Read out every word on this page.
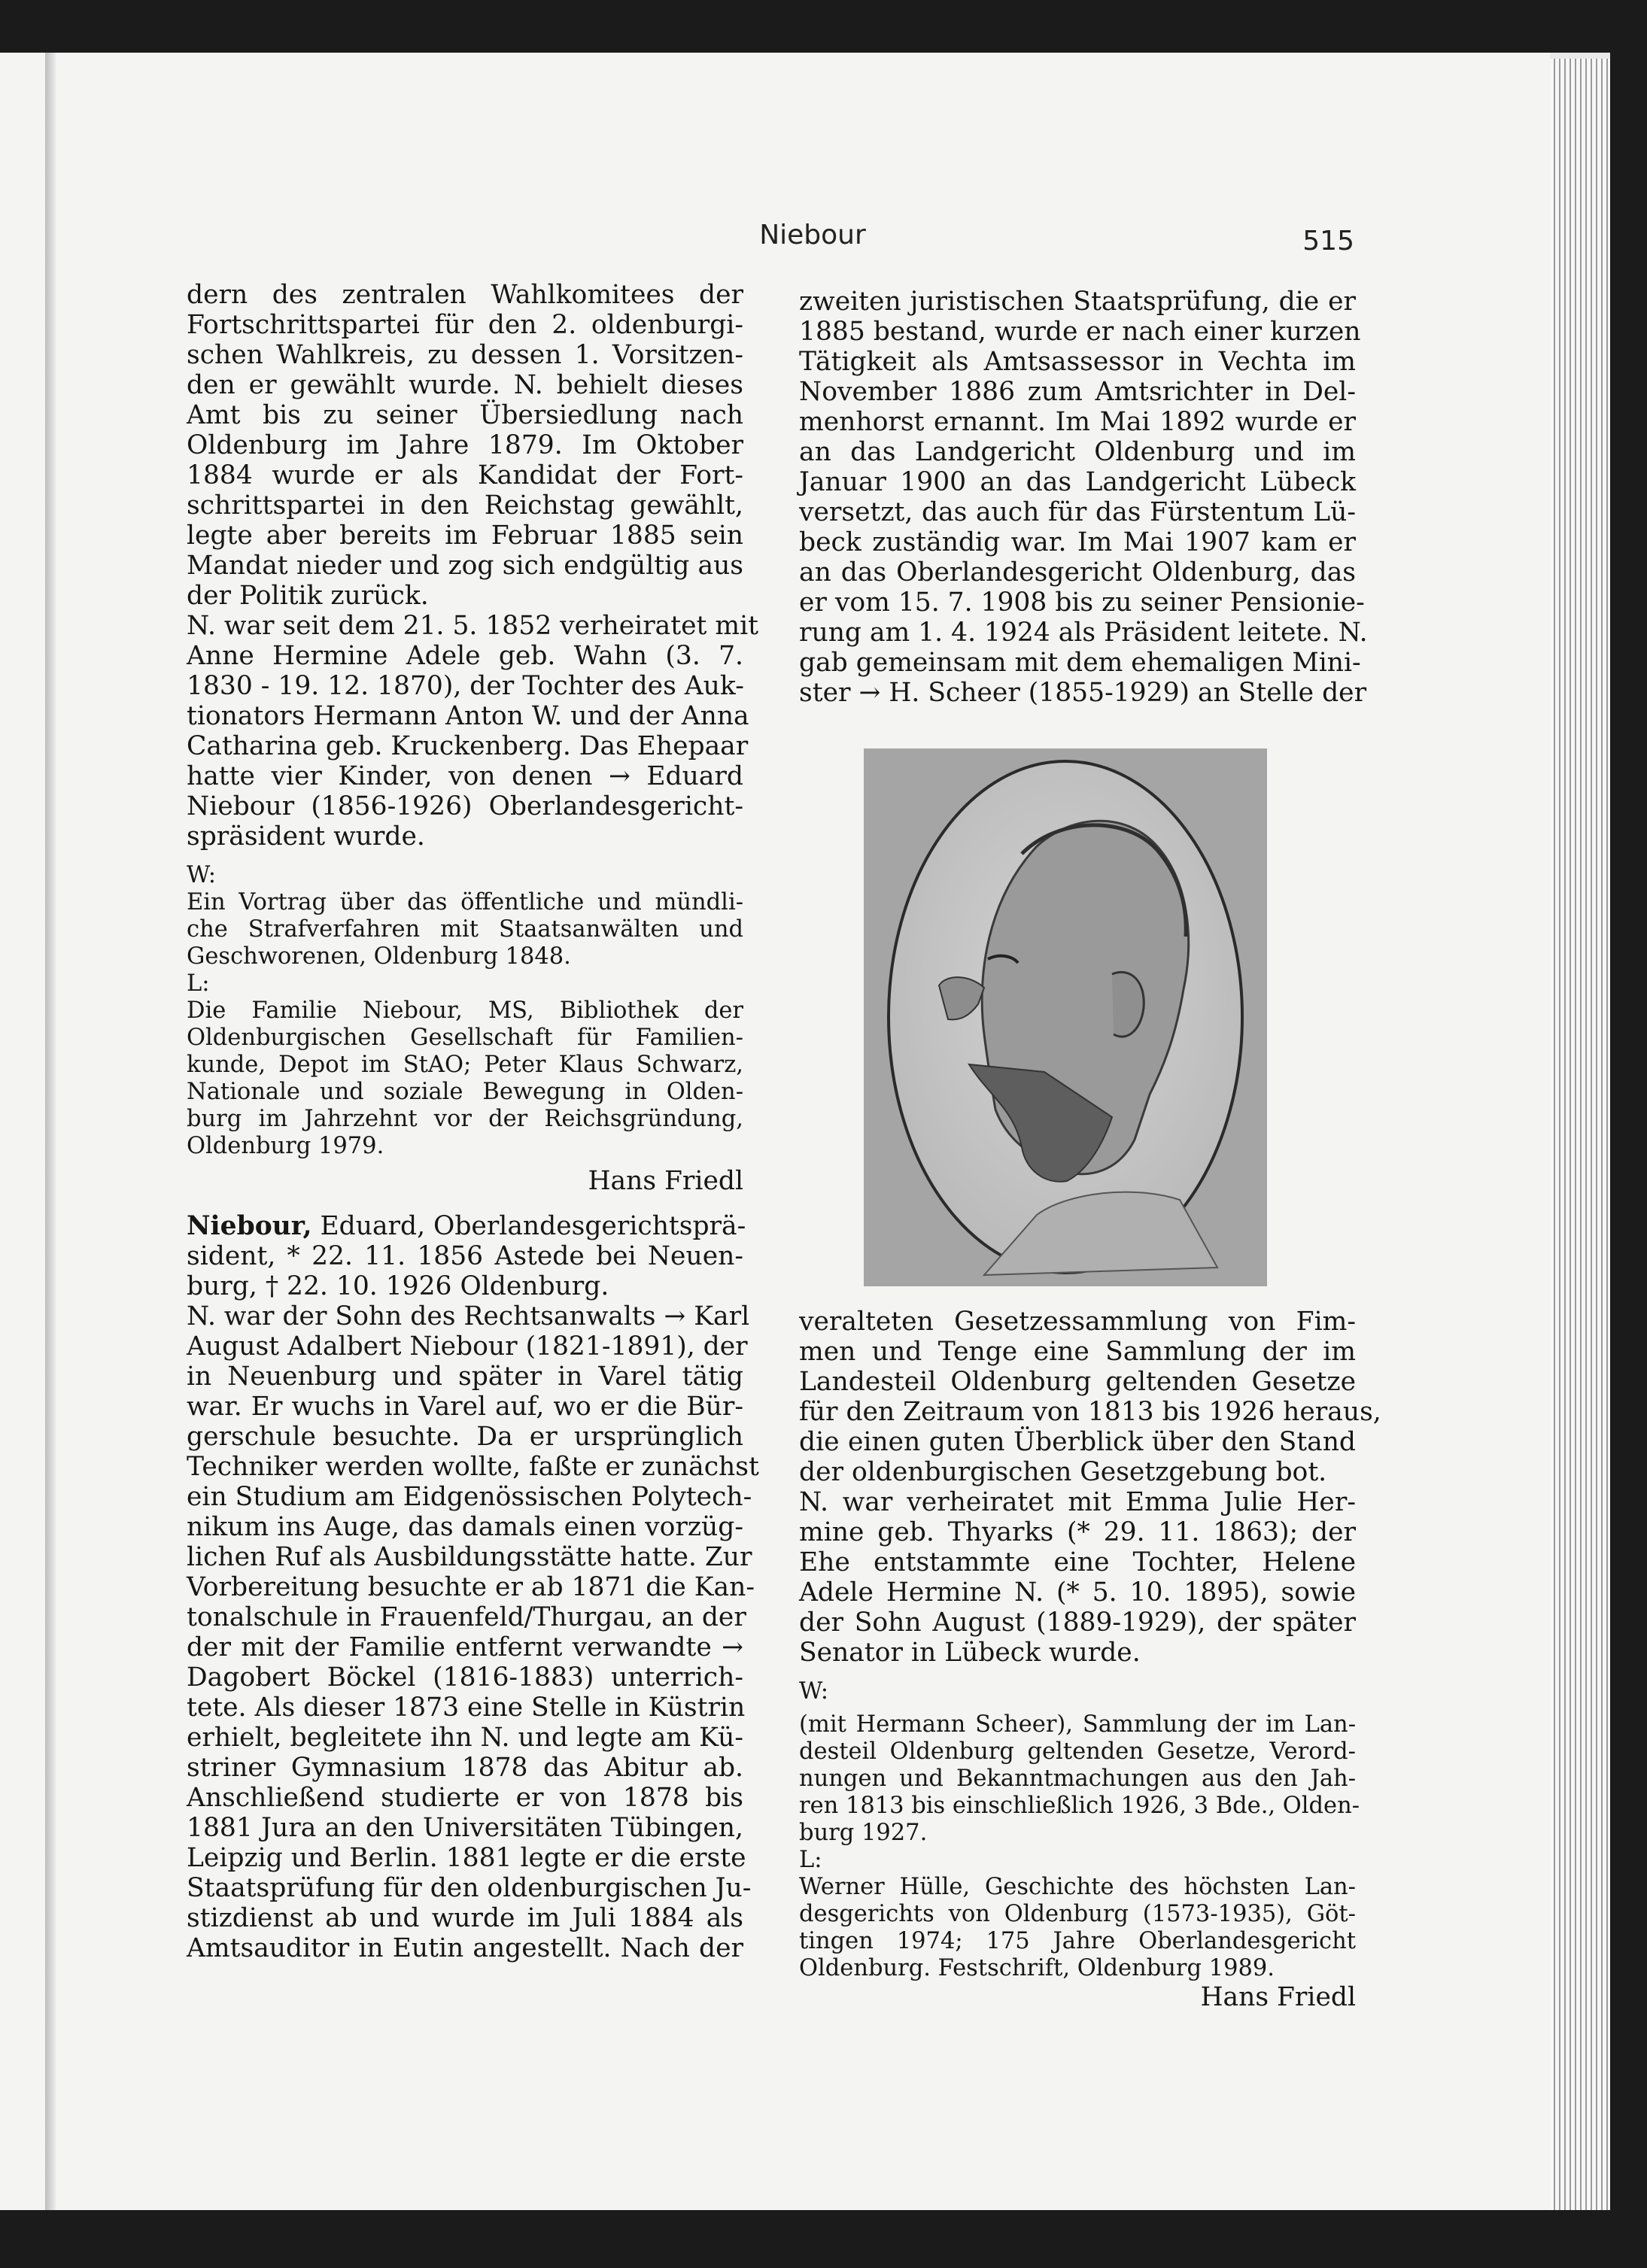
Niebour	515
dern des zentralen Wahlkomitees der
Fortschrittspartei für den 2. oldenburgi-
schen Wahlkreis, zu dessen 1. Vorsitzen-
den er gewählt wurde. N. behielt dieses
Amt bis zu seiner Übersiedlung nach
Oldenburg im Jahre 1879. Im Oktober
1884 wurde er als Kandidat der Fort-
schrittspartei in den Reichstag gewählt,
legte aber bereits im Februar 1885 sein
Mandat nieder und zog sich endgültig aus
der Politik zurück.
N. war seit dem 21. 5. 1852 verheiratet mit
Anne Hermine Adele geb. Wahn (3. 7.
1830 - 19. 12. 1870), der Tochter des Auk-
tionators Hermann Anton W. und der Anna
Catharina geb. Kruckenberg. Das Ehepaar
hatte vier Kinder, von denen → Eduard
Niebour (1856-1926) Oberlandesgericht-
spräsident wurde.
W:
Ein Vortrag über das öffentliche und mündli-
che Strafverfahren mit Staatsanwälten und
Geschworenen, Oldenburg 1848.
L:
Die Familie Niebour, MS, Bibliothek der
Oldenburgischen Gesellschaft für Familien-
kunde, Depot im StAO; Peter Klaus Schwarz,
Nationale und soziale Bewegung in Olden-
burg im Jahrzehnt vor der Reichsgründung,
Oldenburg 1979.
Hans Friedl
Niebour, Eduard, Oberlandesgerichtsprä-
sident, * 22. 11. 1856 Astede bei Neuen-
burg, † 22. 10. 1926 Oldenburg.
N. war der Sohn des Rechtsanwalts → Karl
August Adalbert Niebour (1821-1891), der
in Neuenburg und später in Varel tätig
war. Er wuchs in Varel auf, wo er die Bür-
gerschule besuchte. Da er ursprünglich
Techniker werden wollte, faßte er zunächst
ein Studium am Eidgenössischen Polytech-
nikum ins Auge, das damals einen vorzüg-
lichen Ruf als Ausbildungsstätte hatte. Zur
Vorbereitung besuchte er ab 1871 die Kan-
tonalschule in Frauenfeld/Thurgau, an der
der mit der Familie entfernt verwandte →
Dagobert Böckel (1816-1883) unterrich-
tete. Als dieser 1873 eine Stelle in Küstrin
erhielt, begleitete ihn N. und legte am Kü-
striner Gymnasium 1878 das Abitur ab.
Anschließend studierte er von 1878 bis
1881 Jura an den Universitäten Tübingen,
Leipzig und Berlin. 1881 legte er die erste
Staatsprüfung für den oldenburgischen Ju-
stizdienst ab und wurde im Juli 1884 als
Amtsauditor in Eutin angestellt. Nach der
zweiten juristischen Staatsprüfung, die er
1885 bestand, wurde er nach einer kurzen
Tätigkeit als Amtsassessor in Vechta im
November 1886 zum Amtsrichter in Del-
menhorst ernannt. Im Mai 1892 wurde er
an das Landgericht Oldenburg und im
Januar 1900 an das Landgericht Lübeck
versetzt, das auch für das Fürstentum Lü-
beck zuständig war. Im Mai 1907 kam er
an das Oberlandesgericht Oldenburg, das
er vom 15. 7. 1908 bis zu seiner Pensionie-
rung am 1. 4. 1924 als Präsident leitete. N.
gab gemeinsam mit dem ehemaligen Mini-
ster → H. Scheer (1855-1929) an Stelle der
veralteten Gesetzessammlung von Fim-
men und Tenge eine Sammlung der im
Landesteil Oldenburg geltenden Gesetze
für den Zeitraum von 1813 bis 1926 heraus,
die einen guten Überblick über den Stand
der oldenburgischen Gesetzgebung bot.
N. war verheiratet mit Emma Julie Her-
mine geb. Thyarks (* 29. 11. 1863); der
Ehe entstammte eine Tochter, Helene
Adele Hermine N. (* 5. 10. 1895), sowie
der Sohn August (1889-1929), der später
Senator in Lübeck wurde.
W:
(mit Hermann Scheer), Sammlung der im Lan-
desteil Oldenburg geltenden Gesetze, Verord-
nungen und Bekanntmachungen aus den Jah-
ren 1813 bis einschließlich 1926, 3 Bde., Olden-
burg 1927.
L:
Werner Hülle, Geschichte des höchsten Lan-
desgerichts von Oldenburg (1573-1935), Göt-
tingen 1974; 175 Jahre Oberlandesgericht
Oldenburg. Festschrift, Oldenburg 1989.
Hans Friedl
